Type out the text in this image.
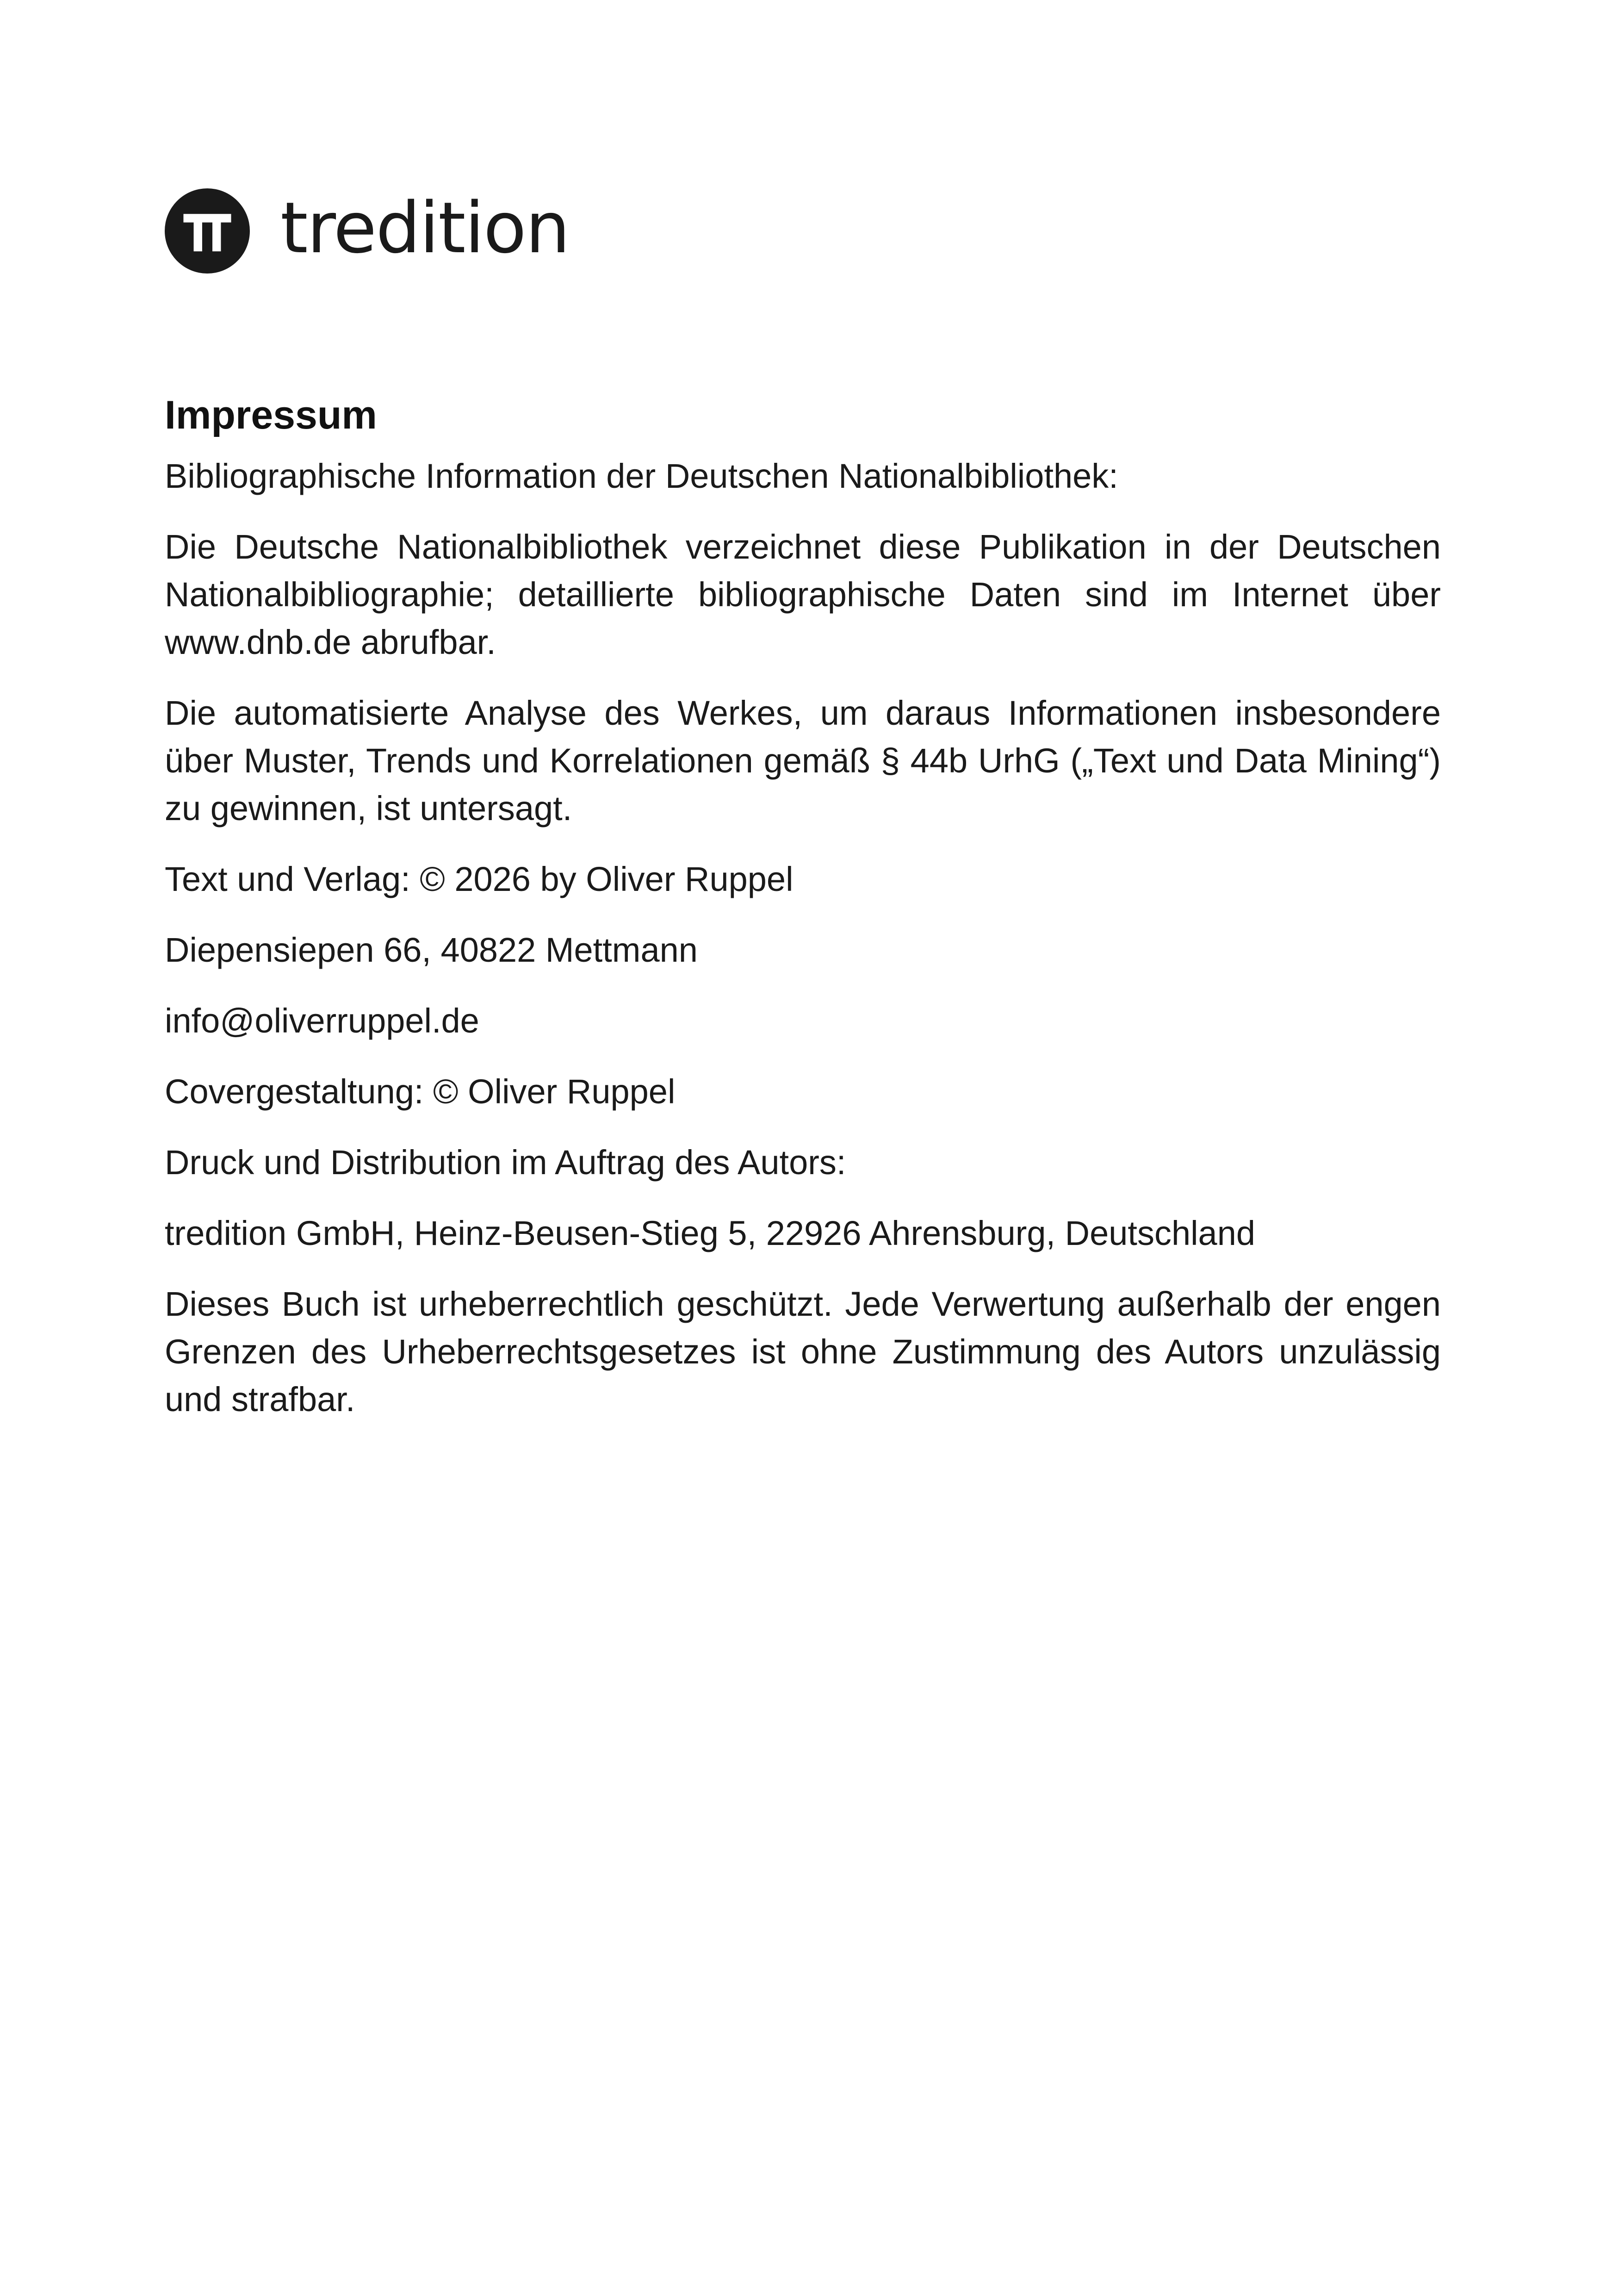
tredition
Impressum

Bibliographische Information der Deutschen Nationalbibliothek:

Die Deutsche Nationalbibliothek verzeichnet diese Publikation in der Deutschen Nationalbibliographie; detaillierte bibliographische Daten sind im Internet über www.dnb.de abrufbar.

Die automatisierte Analyse des Werkes, um daraus Informationen insbesondere über Muster, Trends und Korrelationen gemäß § 44b UrhG („Text und Data Mining“) zu gewinnen, ist untersagt.

Text und Verlag: © 2026 by Oliver Ruppel

Diepensiepen 66, 40822 Mettmann

info@oliverruppel.de

Covergestaltung: © Oliver Ruppel

Druck und Distribution im Auftrag des Autors:

tredition GmbH, Heinz-Beusen-Stieg 5, 22926 Ahrensburg, Deutschland

Dieses Buch ist urheberrechtlich geschützt. Jede Verwertung außerhalb der engen Grenzen des Urheberrechtsgesetzes ist ohne Zustimmung des Autors unzulässig und strafbar.
